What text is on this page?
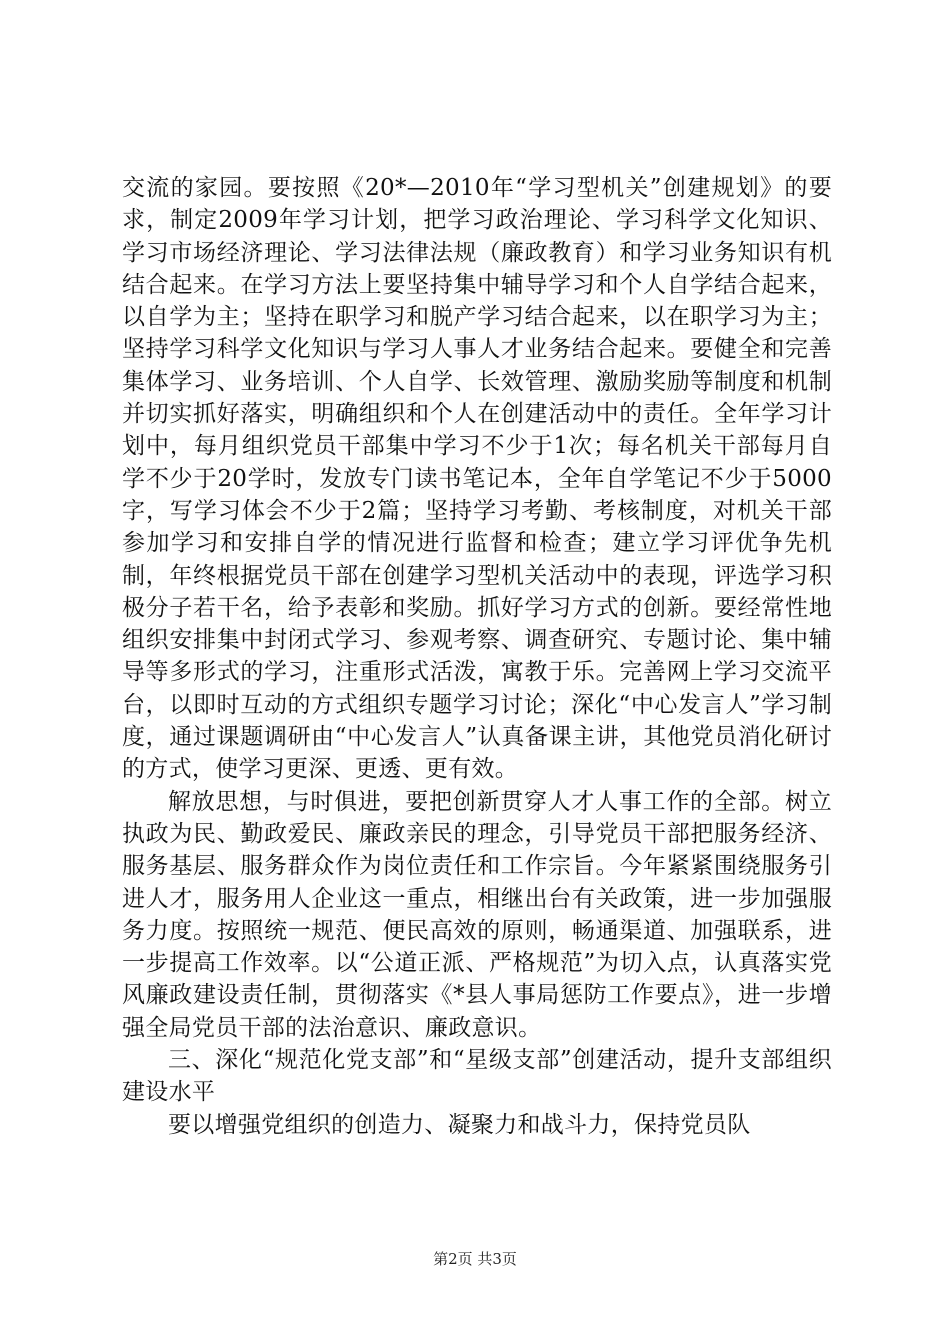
交流的家园。要按照《20*—2010年“学习型机关”创建规划》的要求，制定2009年学习计划，把学习政治理论、学习科学文化知识、学习市场经济理论、学习法律法规（廉政教育）和学习业务知识有机结合起来。在学习方法上要坚持集中辅导学习和个人自学结合起来，以自学为主；坚持在职学习和脱产学习结合起来，以在职学习为主；坚持学习科学文化知识与学习人事人才业务结合起来。要健全和完善集体学习、业务培训、个人自学、长效管理、激励奖励等制度和机制并切实抓好落实，明确组织和个人在创建活动中的责任。全年学习计划中，每月组织党员干部集中学习不少于1次；每名机关干部每月自学不少于20学时，发放专门读书笔记本，全年自学笔记不少于5000字，写学习体会不少于2篇；坚持学习考勤、考核制度，对机关干部参加学习和安排自学的情况进行监督和检查；建立学习评优争先机制，年终根据党员干部在创建学习型机关活动中的表现，评选学习积极分子若干名，给予表彰和奖励。抓好学习方式的创新。要经常性地组织安排集中封闭式学习、参观考察、调查研究、专题讨论、集中辅导等多形式的学习，注重形式活泼，寓教于乐。完善网上学习交流平台，以即时互动的方式组织专题学习讨论；深化“中心发言人”学习制度，通过课题调研由“中心发言人”认真备课主讲，其他党员消化研讨的方式，使学习更深、更透、更有效。

解放思想，与时俱进，要把创新贯穿人才人事工作的全部。树立执政为民、勤政爱民、廉政亲民的理念，引导党员干部把服务经济、服务基层、服务群众作为岗位责任和工作宗旨。今年紧紧围绕服务引进人才，服务用人企业这一重点，相继出台有关政策，进一步加强服务力度。按照统一规范、便民高效的原则，畅通渠道、加强联系，进一步提高工作效率。以“公道正派、严格规范”为切入点，认真落实党风廉政建设责任制，贯彻落实《*县人事局惩防工作要点》，进一步增强全局党员干部的法治意识、廉政意识。

三、深化“规范化党支部”和“星级支部”创建活动，提升支部组织建设水平

要以增强党组织的创造力、凝聚力和战斗力，保持党员队

第2页 共3页
